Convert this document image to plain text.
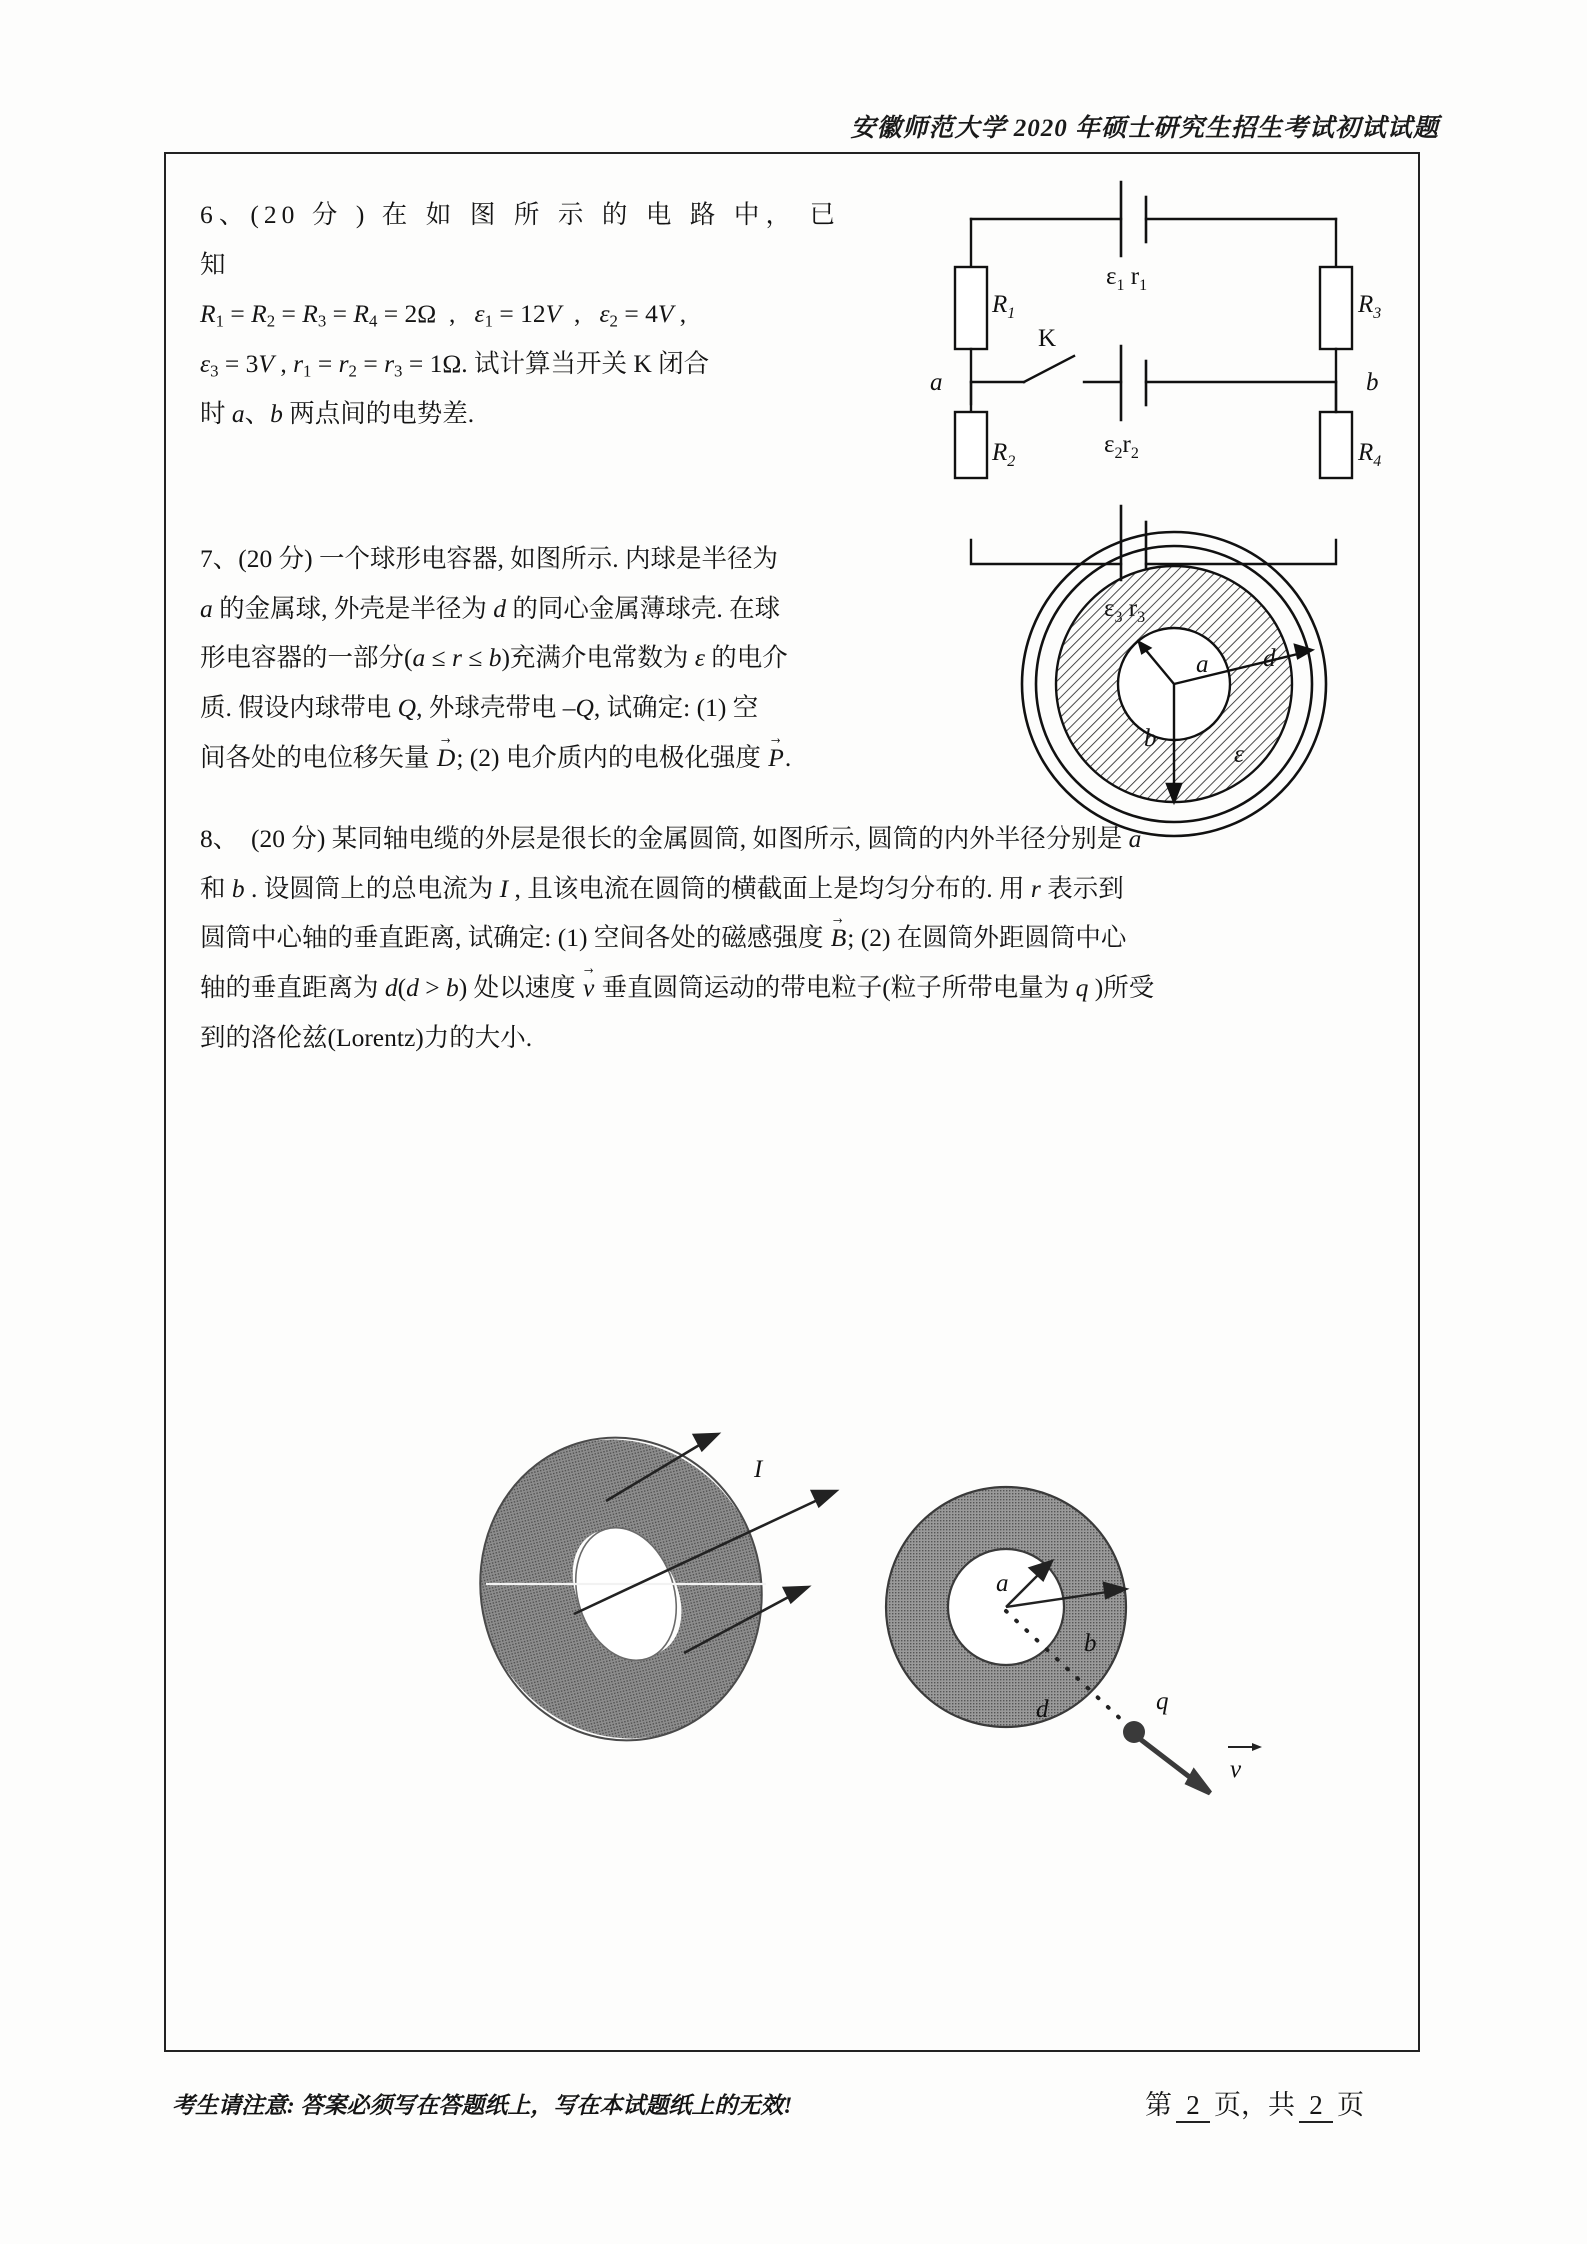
安徽师范大学 2020 年硕士研究生招生考试初试试题

6、(20 分 ) 在 如 图 所 示 的 电 路 中， 已 知

$R_1 = R_2 = R_3 = R_4 = 2\Omega$  ,   $\varepsilon_1 = 12V$  ,   $\varepsilon_2 = 4V$ ,

$\varepsilon_3 = 3V$ , $r_1 = r_2 = r_3 = 1\Omega$. 试计算当开关 K 闭合

时 a、b 两点间的电势差.

$R_1$
$R_2$
$R_3$
$R_4$
K
a	b
$\varepsilon_1$ $r_1$
$\varepsilon_2r_2$

7、(20 分) 一个球形电容器, 如图所示. 内球是半径为

a 的金属球, 外壳是半径为 d 的同心金属薄球壳. 在球

形电容器的一部分(a ≤ r ≤ b)充满介电常数为 ε 的电介

质. 假设内球带电 Q, 外球壳带电 –Q, 试确定: (1) 空

间各处的电位移矢量 D →; (2) 电介质内的电极化强度 P →.

a
b
d
ε

8、 (20 分) 某同轴电缆的外层是很长的金属圆筒, 如图所示, 圆筒的内外半径分别是 a

和 b . 设圆筒上的总电流为 I , 且该电流在圆筒的横截面上是均匀分布的. 用 r 表示到

圆筒中心轴的垂直距离, 试确定: (1) 空间各处的磁感强度 B →; (2) 在圆筒外距圆筒中心

轴的垂直距离为 d(d > b) 处以速度 v → 垂直圆筒运动的带电粒子(粒子所带电量为 q )所受

到的洛伦兹(Lorentz)力的大小.

I
a
b
d	q
v
考生请注意: 答案必须写在答题纸上，写在本试题纸上的无效!	第 2 页，共 2 页
